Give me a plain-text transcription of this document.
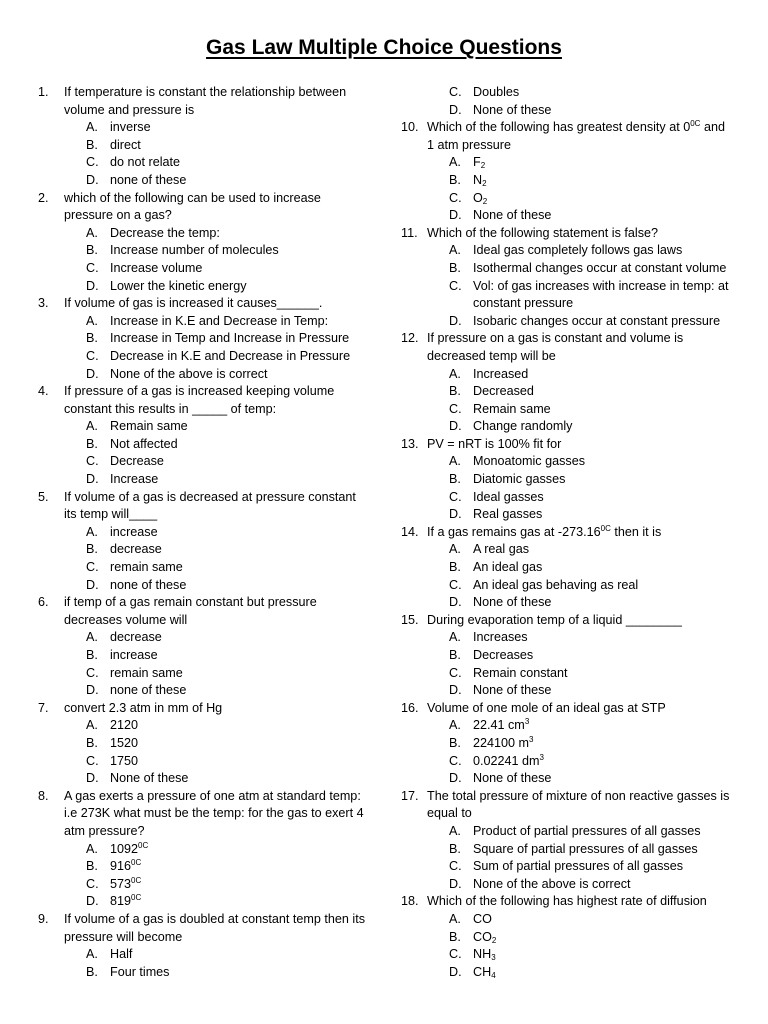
Gas Law Multiple Choice Questions
1. If temperature is constant the relationship between
volume and pressure is
A. inverse
B. direct
C. do not relate
D. none of these
2. which of the following can be used to increase
pressure on a gas?
A. Decrease the temp:
B. Increase number of molecules
C. Increase volume
D. Lower the kinetic energy
3. If volume of gas is increased it causes______.
A. Increase in K.E and Decrease in Temp:
B. Increase in Temp and Increase in Pressure
C. Decrease in K.E and Decrease in Pressure
D. None of the above is correct
4. If pressure of a gas is increased keeping volume
constant this results in _____ of temp:
A. Remain same
B. Not affected
C. Decrease
D. Increase
5. If volume of a gas is decreased at pressure constant
its temp will____
A. increase
B. decrease
C. remain same
D. none of these
6. if temp of a gas remain constant but pressure
decreases volume will
A. decrease
B. increase
C. remain same
D. none of these
7. convert 2.3 atm in mm of Hg
A. 2120
B. 1520
C. 1750
D. None of these
8. A gas exerts a pressure of one atm at standard temp:
i.e 273K what must be the temp: for the gas to exert 4
atm pressure?
A. $1092^{0C}$
B. $916^{0C}$
C. $573^{0C}$
D. $819^{0C}$
9. If volume of a gas is doubled at constant temp then its
pressure will become
A. Half
B. Four times
C. Doubles
D. None of these
10. Which of the following has greatest density at $0^{0C}$ and
1 atm pressure
A. $F_2$
B. $N_2$
C. $O_2$
D. None of these
11. Which of the following statement is false?
A. Ideal gas completely follows gas laws
B. Isothermal changes occur at constant volume
C. Vol: of gas increases with increase in temp: at
constant pressure
D. Isobaric changes occur at constant pressure
12. If pressure on a gas is constant and volume is
decreased temp will be
A. Increased
B. Decreased
C. Remain same
D. Change randomly
13. PV = nRT is 100% fit for
A. Monoatomic gasses
B. Diatomic gasses
C. Ideal gasses
D. Real gasses
14. If a gas remains gas at $-273.16^{0C}$ then it is
A. A real gas
B. An ideal gas
C. An ideal gas behaving as real
D. None of these
15. During evaporation temp of a liquid ________
A. Increases
B. Decreases
C. Remain constant
D. None of these
16. Volume of one mole of an ideal gas at STP
A. 22.41 $cm^3$
B. 224100 $m^3$
C. 0.02241 $dm^3$
D. None of these
17. The total pressure of mixture of non reactive gasses is
equal to
A. Product of partial pressures of all gasses
B. Square of partial pressures of all gasses
C. Sum of partial pressures of all gasses
D. None of the above is correct
18. Which of the following has highest rate of diffusion
A. CO
B. $CO_2$
C. $NH_3$
D. $CH_4$
